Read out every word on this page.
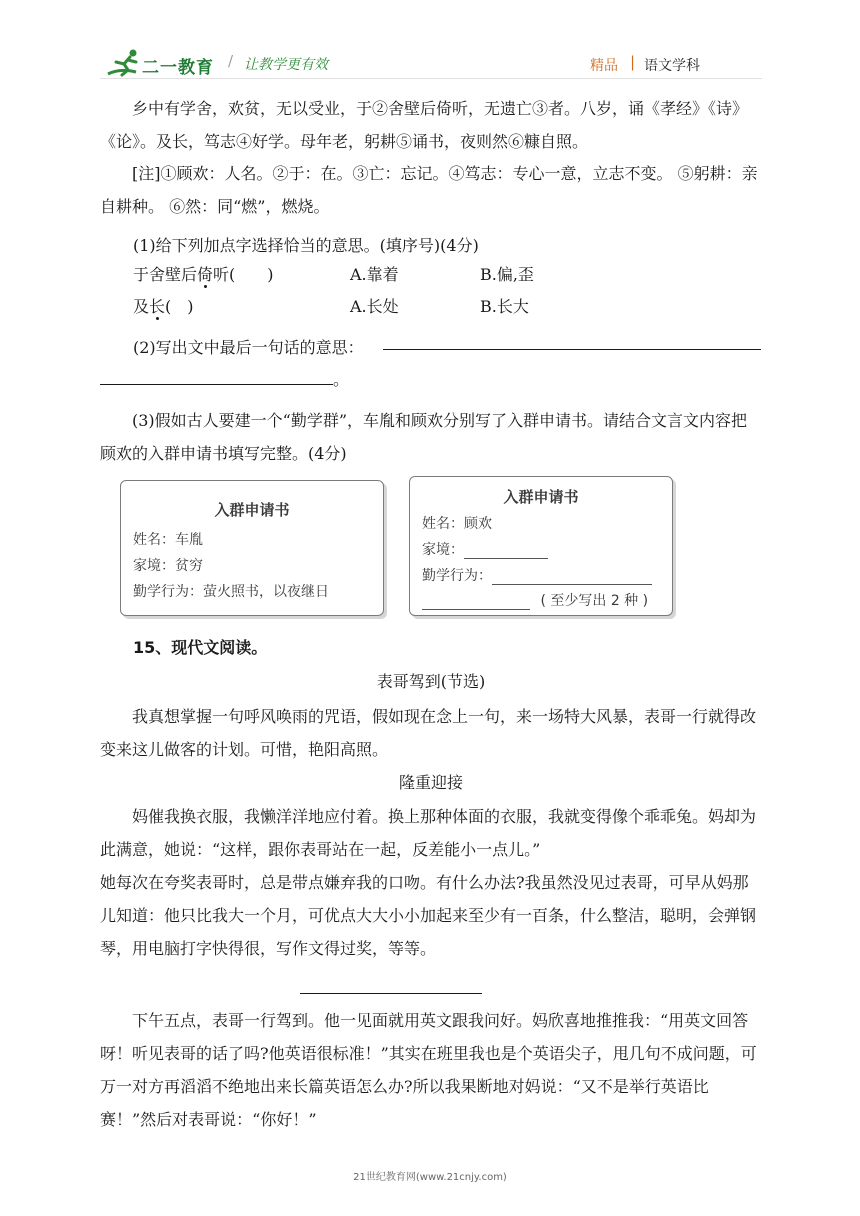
二一教育 / 让教学更有效	精品 | 语文学科

乡中有学舍，欢贫，无以受业，于②舍壁后倚听，无遗亡③者。八岁，诵《孝经》《诗》《论》。及长，笃志④好学。母年老，躬耕⑤诵书，夜则然⑥糠自照。

[注]①顾欢：人名。②于：在。③亡：忘记。④笃志：专心一意，立志不变。 ⑤躬耕：亲自耕种。 ⑥然：同“燃”，燃烧。

(1)给下列加点字选择恰当的意思。(填序号)(4分)
于舍壁后倚听(　　)	A.靠着	B.偏,歪
及长(　)	A.长处	B.长大
(2)写出文中最后一句话的意思：
。

(3)假如古人要建一个“勤学群”，车胤和顾欢分别写了入群申请书。请结合文言文内容把顾欢的入群申请书填写完整。(4分)

入群申请书
姓名：车胤
家境：贫穷
勤学行为：萤火照书，以夜继日
入群申请书
姓名：顾欢
家境：
勤学行为：
( 至少写出 2 种 )
15、现代文阅读。
表哥驾到(节选)

我真想掌握一句呼风唤雨的咒语，假如现在念上一句，来一场特大风暴，表哥一行就得改变来这儿做客的计划。可惜，艳阳高照。

隆重迎接

妈催我换衣服，我懒洋洋地应付着。换上那种体面的衣服，我就变得像个乖乖兔。妈却为此满意，她说：“这样，跟你表哥站在一起，反差能小一点儿。”

她每次在夸奖表哥时，总是带点嫌弃我的口吻。有什么办法?我虽然没见过表哥，可早从妈那儿知道：他只比我大一个月，可优点大大小小加起来至少有一百条，什么整洁，聪明，会弹钢琴，用电脑打字快得很，写作文得过奖，等等。

下午五点，表哥一行驾到。他一见面就用英文跟我问好。妈欣喜地推推我：“用英文回答呀！听见表哥的话了吗?他英语很标准！”其实在班里我也是个英语尖子，甩几句不成问题，可万一对方再滔滔不绝地出来长篇英语怎么办?所以我果断地对妈说：“又不是举行英语比赛！”然后对表哥说：“你好！”

21世纪教育网(www.21cnjy.com)
